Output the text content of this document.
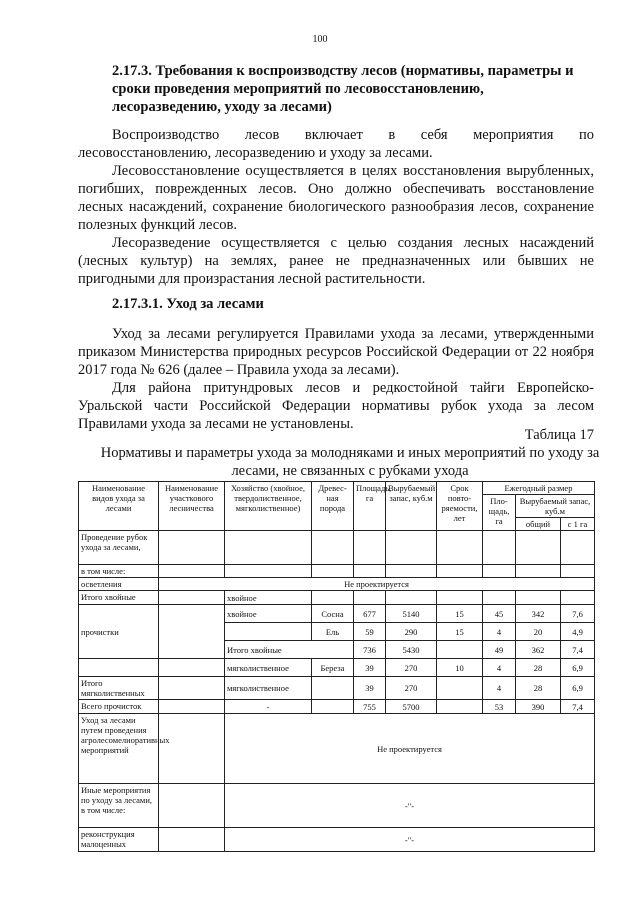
100
2.17.3. Требования к воспроизводству лесов (нормативы, параметры и сроки проведения мероприятий по лесовосстановлению, лесоразведению, уходу за лесами)

Воспроизводство лесов включает в себя мероприятия по лесовосстановлению, лесоразведению и уходу за лесами.

Лесовосстановление осуществляется в целях восстановления вырубленных, погибших, поврежденных лесов. Оно должно обеспечивать восстановление лесных насаждений, сохранение биологического разнообразия лесов, сохранение полезных функций лесов.

Лесоразведение осуществляется с целью создания лесных насаждений (лесных культур) на землях, ранее не предназначенных или бывших не пригодными для произрастания лесной растительности.

2.17.3.1. Уход за лесами

Уход за лесами регулируется Правилами ухода за лесами, утвержденными приказом Министерства природных ресурсов Российской Федерации от 22 ноября 2017 года № 626 (далее – Правила ухода за лесами).

Для района притундровых лесов и редкостойной тайги Европейско-Уральской части Российской Федерации нормативы рубок ухода за лесом Правилами ухода за лесами не установлены.

Таблица 17
Нормативы и параметры ухода за молодняками и иных мероприятий по уходу за лесами, не связанных с рубками ухода
Наименование видов ухода за лесами	Наименование участкового лесничества	Хозяйство (хвойное, твердолиственное, мягколиственное)	Древес-ная порода	Площадь, га	Вырубаемый запас, куб.м	Срок повто-ряемости, лет	Ежегодный размер		
							Пло-щадь, га	Вырубаемый запас, куб.м	
								общий	с 1 га
Проведение рубок ухода за лесами,									
в том числе:									
осветления	Не проектируется								
Итого хвойные		хвойное							
прочистки		хвойное	Сосна	677	5140	15	45	342	7,6
			Ель	59	290	15	4	20	4,9
		Итого хвойные		736	5430		49	362	7,4
		мягколиственное	Береза	39	270	10	4	28	6,9
Итого мягколиственных		мягколиственное		39	270		4	28	6,9
Всего прочисток		-		755	5700		53	390	7,4
Уход за лесами путем проведения агролесомелиоративных мероприятий		Не проектируется							
Иные мероприятия по уходу за лесами, в том числе:		-"-							
реконструкция малоценных		-"-							
